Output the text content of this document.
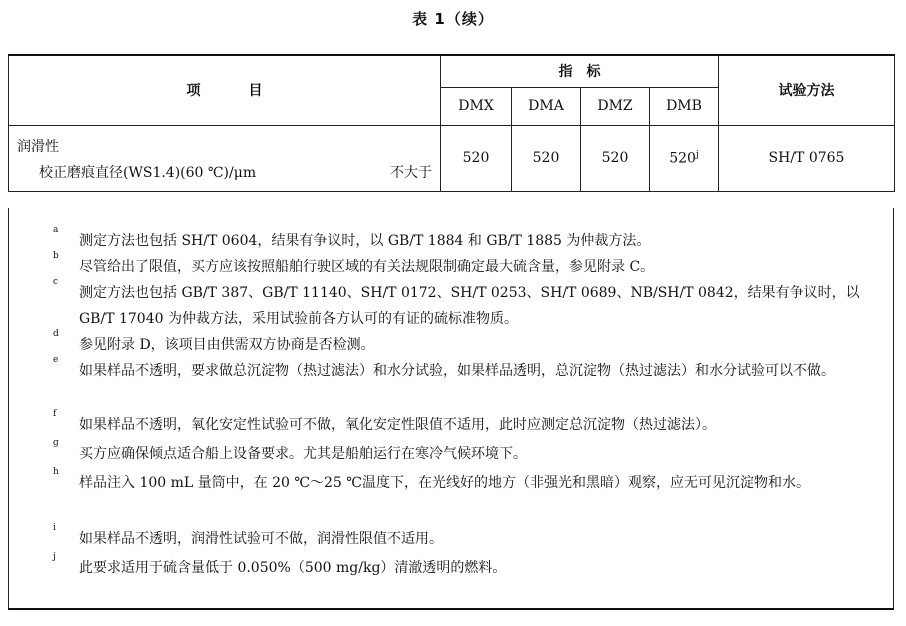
表 1（续）
项 目	指　标				试验方法
	DMX	DMA	DMZ	DMB	

润滑性
校正磨痕直径(WS1.4)(60 ℃)/μm 不大于	520	520	520	520$^j$	SH/T 0765
a
测定方法也包括 SH/T 0604，结果有争议时，以 GB/T 1884 和 GB/T 1885 为仲裁方法。
b
尽管给出了限值，买方应该按照船舶行驶区域的有关法规限制确定最大硫含量，参见附录 C。
c
测定方法也包括 GB/T 387、GB/T 11140、SH/T 0172、SH/T 0253、SH/T 0689、NB/SH/T 0842，结果有争议时，以 GB/T 17040 为仲裁方法，采用试验前各方认可的有证的硫标准物质。
d
参见附录 D，该项目由供需双方协商是否检测。
e
如果样品不透明，要求做总沉淀物（热过滤法）和水分试验，如果样品透明，总沉淀物（热过滤法）和水分试验可以不做。
f
如果样品不透明，氧化安定性试验可不做，氧化安定性限值不适用，此时应测定总沉淀物（热过滤法）。
g
买方应确保倾点适合船上设备要求。尤其是船舶运行在寒冷气候环境下。
h
样品注入 100 mL 量筒中，在 20 ℃～25 ℃温度下，在光线好的地方（非强光和黑暗）观察，应无可见沉淀物和水。
i
如果样品不透明，润滑性试验可不做，润滑性限值不适用。
j
此要求适用于硫含量低于 0.050%（500 mg/kg）清澈透明的燃料。
